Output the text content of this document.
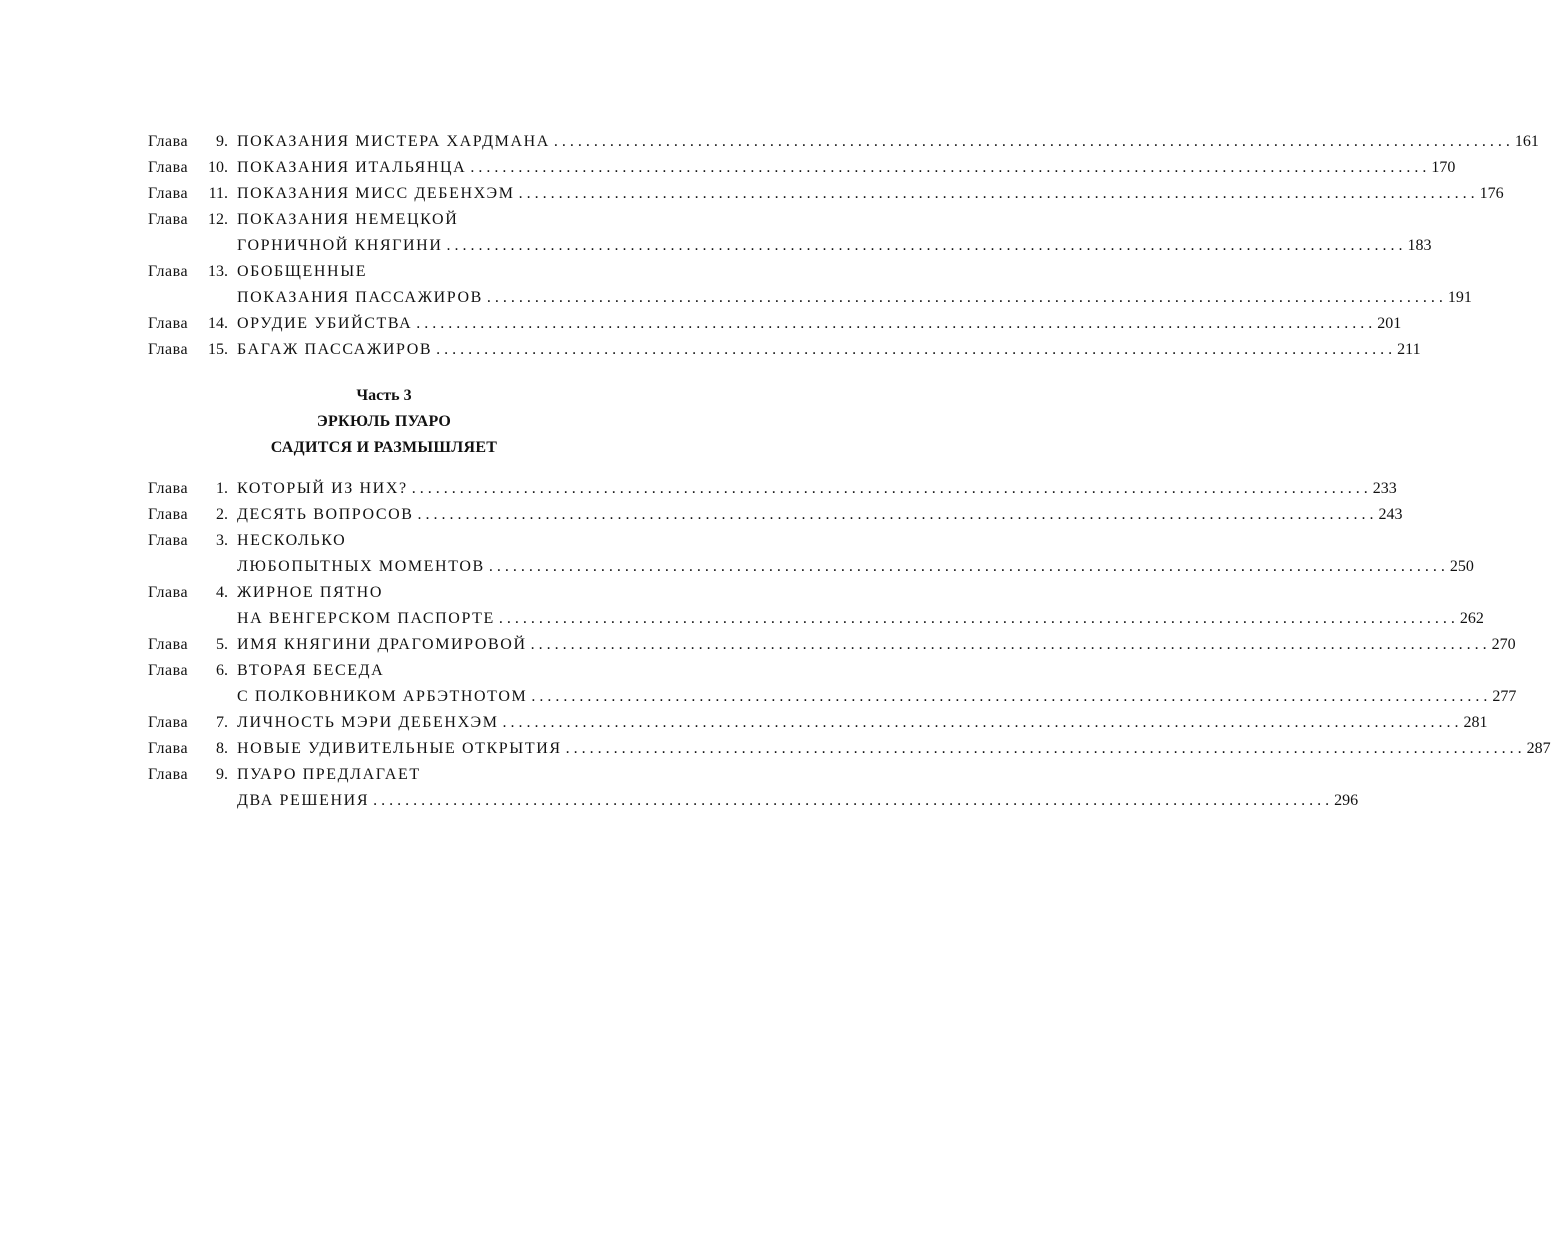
Глава	9. ПОКАЗАНИЯ МИСТЕРА ХАРДМАНА ........................................................................................................................ 161
Глава	10. ПОКАЗАНИЯ ИТАЛЬЯНЦА ........................................................................................................................ 170
Глава	11. ПОКАЗАНИЯ МИСС ДЕБЕНХЭМ ........................................................................................................................ 176
Глава	12. ПОКАЗАНИЯ НЕМЕЦКОЙ
ГОРНИЧНОЙ КНЯГИНИ ........................................................................................................................ 183
Глава	13. ОБОБЩЕННЫЕ
ПОКАЗАНИЯ ПАССАЖИРОВ ........................................................................................................................ 191
Глава	14. ОРУДИЕ УБИЙСТВА ........................................................................................................................ 201
Глава	15. БАГАЖ ПАССАЖИРОВ ........................................................................................................................ 211
Часть 3
ЭРКЮЛЬ ПУАРО
САДИТСЯ И РАЗМЫШЛЯЕТ
Глава	1. КОТОРЫЙ ИЗ НИХ? ........................................................................................................................ 233
Глава	2. ДЕСЯТЬ ВОПРОСОВ ........................................................................................................................ 243
Глава	3. НЕСКОЛЬКО
ЛЮБОПЫТНЫХ МОМЕНТОВ ........................................................................................................................ 250
Глава	4. ЖИРНОЕ ПЯТНО
НА ВЕНГЕРСКОМ ПАСПОРТЕ ........................................................................................................................ 262
Глава	5. ИМЯ КНЯГИНИ ДРАГОМИРОВОЙ ........................................................................................................................ 270
Глава	6. ВТОРАЯ БЕСЕДА
С ПОЛКОВНИКОМ АРБЭТНОТОМ ........................................................................................................................ 277
Глава	7. ЛИЧНОСТЬ МЭРИ ДЕБЕНХЭМ ........................................................................................................................ 281
Глава	8. НОВЫЕ УДИВИТЕЛЬНЫЕ ОТКРЫТИЯ ........................................................................................................................ 287
Глава	9. ПУАРО ПРЕДЛАГАЕТ
ДВА РЕШЕНИЯ ........................................................................................................................ 296
